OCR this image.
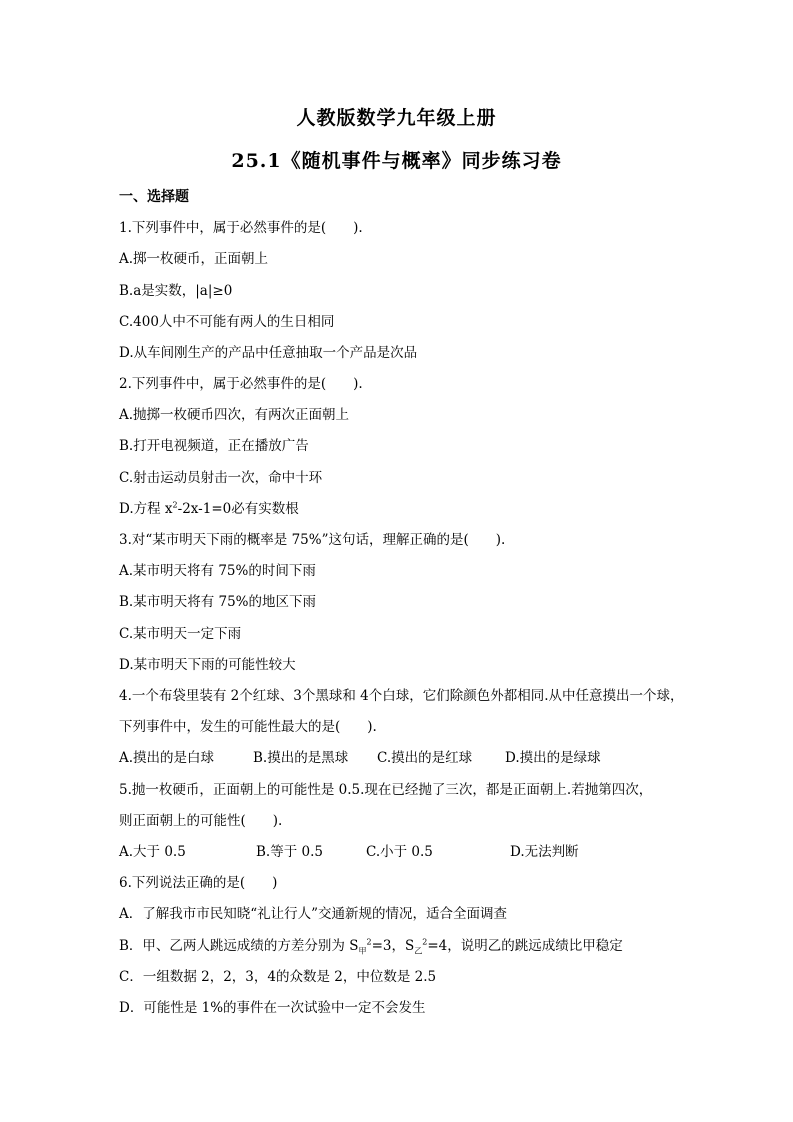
人教版数学九年级上册
25.1《随机事件与概率》同步练习卷
一、选择题
1.下列事件中，属于必然事件的是(　　).
A.掷一枚硬币，正面朝上
B.a是实数，|a|≥0
C.400人中不可能有两人的生日相同
D.从车间刚生产的产品中任意抽取一个产品是次品
2.下列事件中，属于必然事件的是(　　).
A.抛掷一枚硬币四次，有两次正面朝上
B.打开电视频道，正在播放广告
C.射击运动员射击一次，命中十环
D.方程 $x^2-2x-1=0$必有实数根
3.对“某市明天下雨的概率是 75%”这句话，理解正确的是(　　).
B.某市明天将有 75%的地区下雨
A.某市明天将有 75%的时间下雨
C.某市明天一定下雨
D.某市明天下雨的可能性较大
4.一个布袋里装有 2个红球、3个黑球和 4个白球，它们除颜色外都相同.从中任意摸出一个球，
下列事件中，发生的可能性最大的是(　　).
A.摸出的是白球	B.摸出的是黑球 C.摸出的是红球 D.摸出的是绿球
5.抛一枚硬币，正面朝上的可能性是 0.5.现在已经抛了三次，都是正面朝上.若抛第四次，
则正面朝上的可能性(　　).
A.大于 0.5	B.等于 0.5	C.小于 0.5	D.无法判断
6.下列说法正确的是(　　)
A．了解我市市民知晓“礼让行人”交通新规的情况，适合全面调查
B．甲、乙两人跳远成绩的方差分别为 $S_甲^2=3$，$S_乙^2=4$，说明乙的跳远成绩比甲稳定
C．一组数据 2，2，3，4的众数是 2，中位数是 2.5
D．可能性是 1%的事件在一次试验中一定不会发生
